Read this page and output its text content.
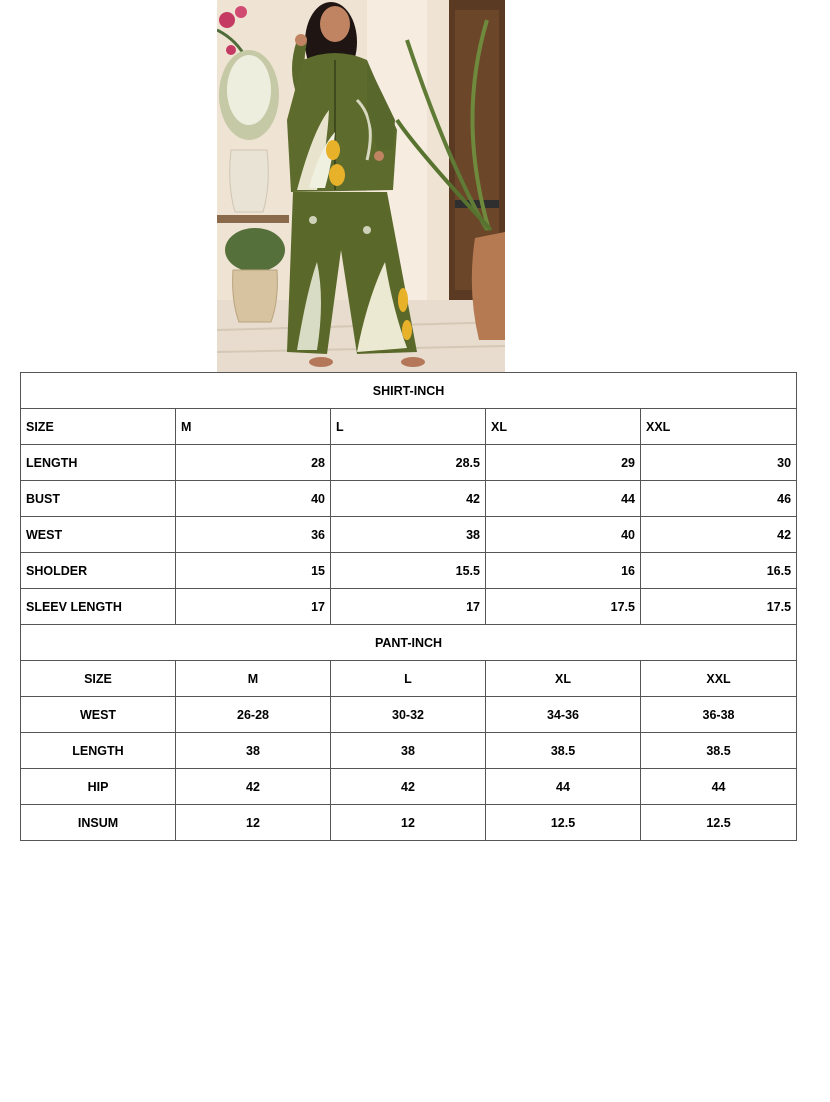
SHIRT-INCH				
SIZE	M	L	XL	XXL
LENGTH	28	28.5	29	30
BUST	40	42	44	46
WEST	36	38	40	42
SHOLDER	15	15.5	16	16.5
SLEEV LENGTH	17	17	17.5	17.5
PANT-INCH				
SIZE	M	L	XL	XXL
WEST	26-28	30-32	34-36	36-38
LENGTH	38	38	38.5	38.5
HIP	42	42	44	44
INSUM	12	12	12.5	12.5
